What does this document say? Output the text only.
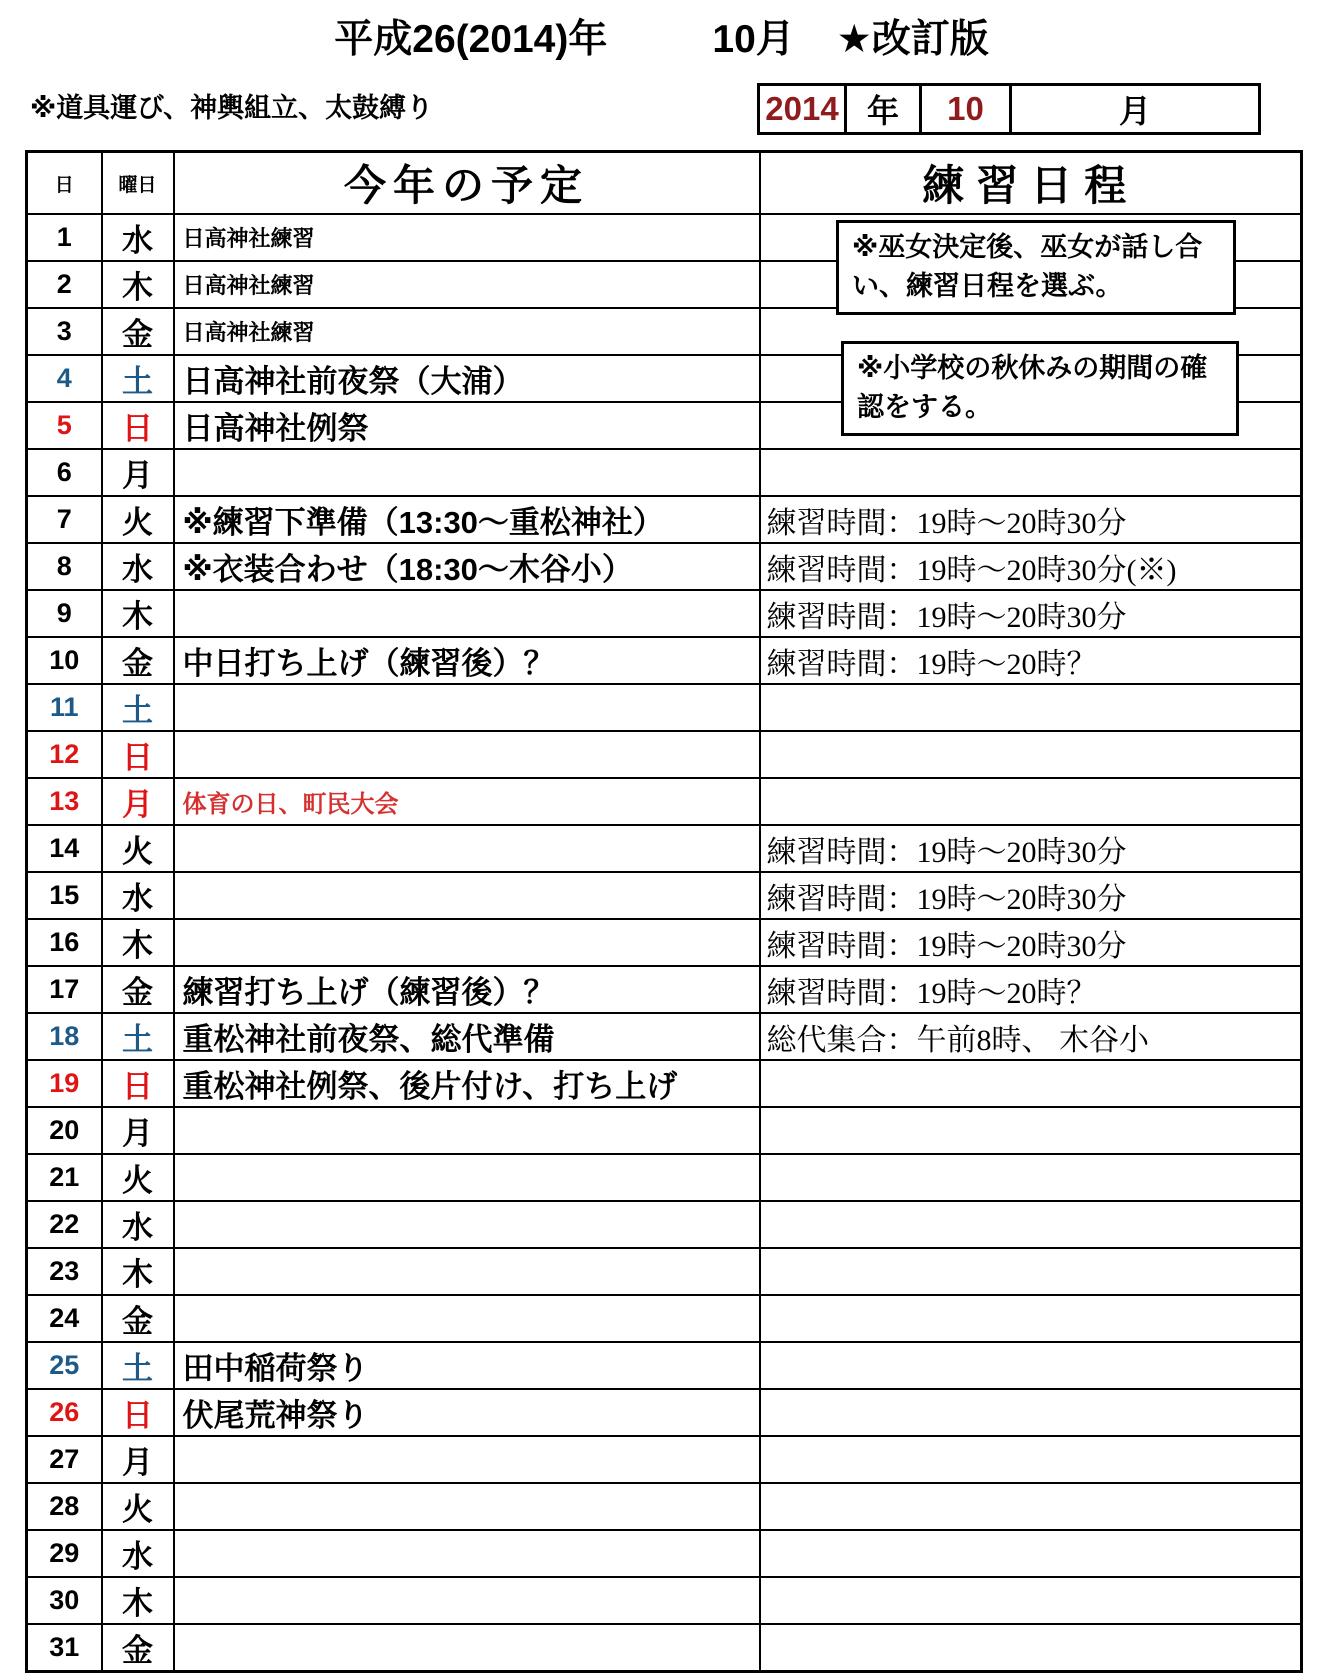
平成26(2014)年	10月 ★改訂版
※道具運び、神輿組立、太鼓縛り	2014	年	10	月
日	曜日	今年の予定	練習日程
1	水	日高神社練習	
2	木	日高神社練習	
3	金	日高神社練習	
4	土	日高神社前夜祭（大浦）	
5	日	日高神社例祭	
6	月		
7	火	※練習下準備（13:30～重松神社）	練習時間：19時～20時30分
8	水	※衣装合わせ（18:30～木谷小）	練習時間：19時～20時30分(※)
9	木		練習時間：19時～20時30分
10	金	中日打ち上げ（練習後）？	練習時間：19時～20時？
11	土		
12	日		
13	月	体育の日、町民大会	
14	火		練習時間：19時～20時30分
15	水		練習時間：19時～20時30分
16	木		練習時間：19時～20時30分
17	金	練習打ち上げ（練習後）？	練習時間：19時～20時？
18	土	重松神社前夜祭、総代準備	総代集合：午前8時、 木谷小
19	日	重松神社例祭、後片付け、打ち上げ	
20	月		
21	火		
22	水		
23	木		
24	金		
25	土	田中稲荷祭り	
26	日	伏尾荒神祭り	
27	月		
28	火		
29	水		
30	木		
31	金		
※巫女決定後、巫女が話し合い、練習日程を選ぶ。
※小学校の秋休みの期間の確認をする。
